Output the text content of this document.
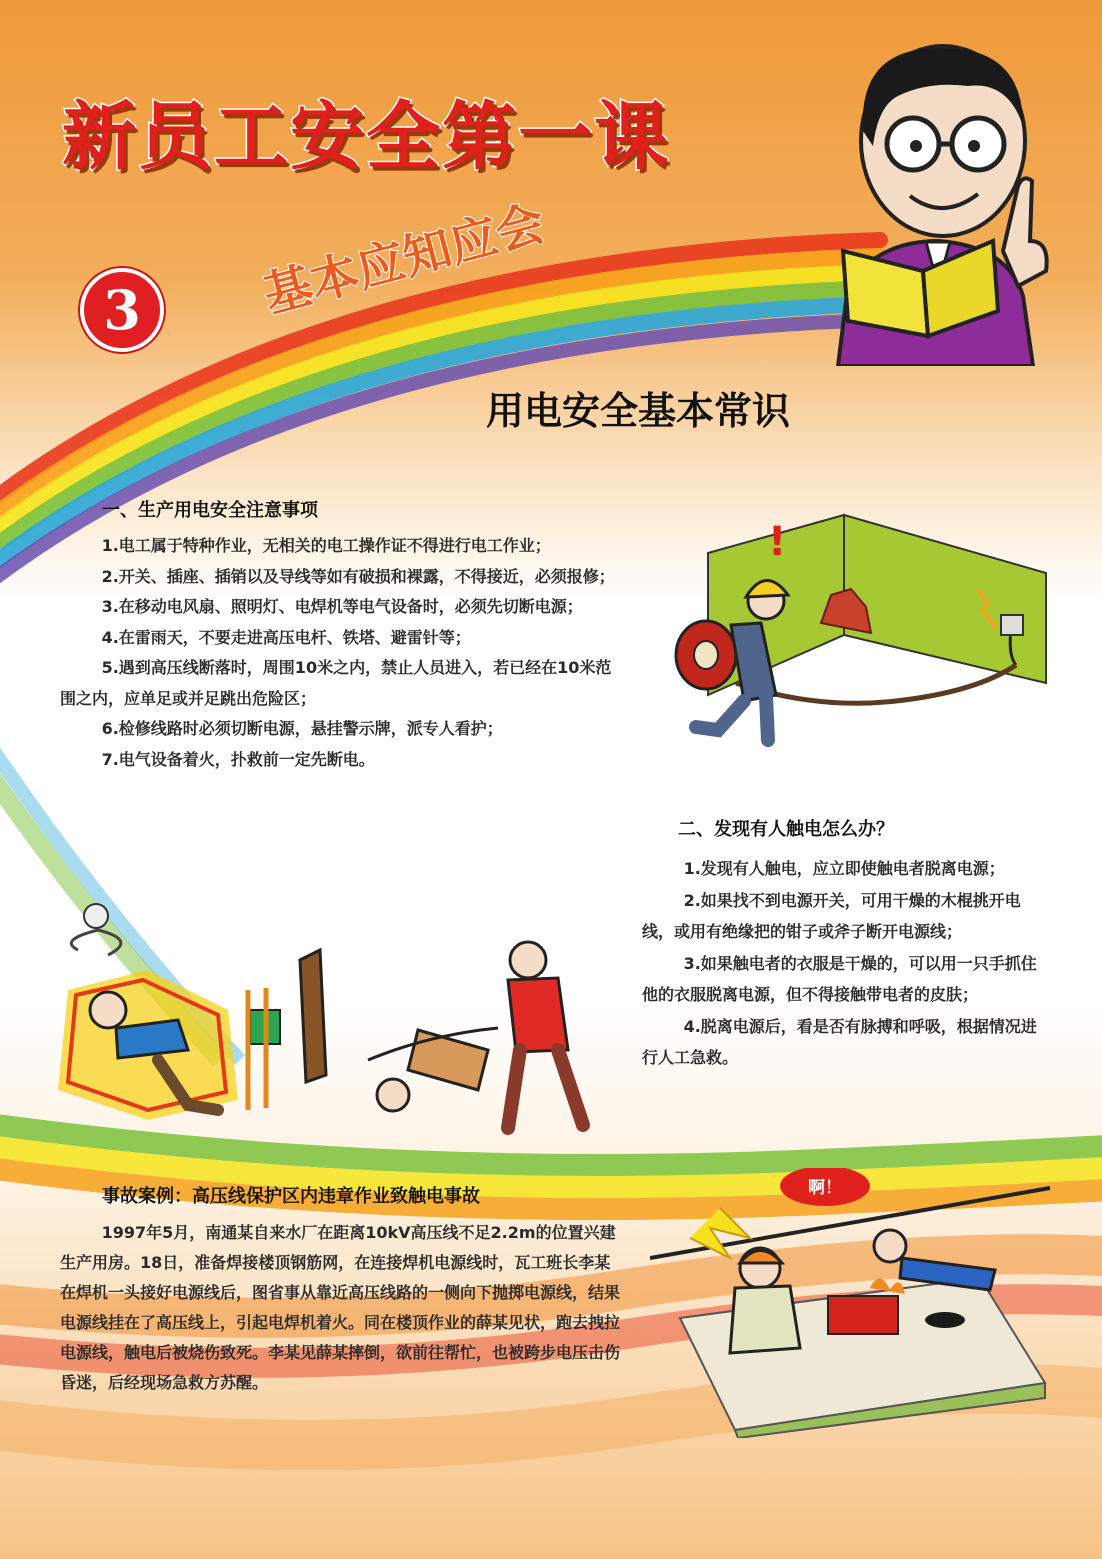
新员工安全第一课
3	基本应知应会
用电安全基本常识
一、生产用电安全注意事项

1.电工属于特种作业，无相关的电工操作证不得进行电工作业；

2.开关、插座、插销以及导线等如有破损和裸露，不得接近，必须报修；

3.在移动电风扇、照明灯、电焊机等电气设备时，必须先切断电源；

4.在雷雨天，不要走进高压电杆、铁塔、避雷针等；

5.遇到高压线断落时，周围10米之内，禁止人员进入，若已经在10米范围之内，应单足或并足跳出危险区；

6.检修线路时必须切断电源，悬挂警示牌，派专人看护；

7.电气设备着火，扑救前一定先断电。

!
二、发现有人触电怎么办？

1.发现有人触电，应立即使触电者脱离电源；

2.如果找不到电源开关，可用干燥的木棍挑开电线，或用有绝缘把的钳子或斧子断开电源线；

3.如果触电者的衣服是干燥的，可以用一只手抓住他的衣服脱离电源，但不得接触带电者的皮肤；

4.脱离电源后，看是否有脉搏和呼吸，根据情况进行人工急救。

事故案例：高压线保护区内违章作业致触电事故

1997年5月，南通某自来水厂在距离10kV高压线不足2.2m的位置兴建生产用房。18日，准备焊接楼顶钢筋网，在连接焊机电源线时，瓦工班长李某在焊机一头接好电源线后，图省事从靠近高压线路的一侧向下抛掷电源线，结果电源线挂在了高压线上，引起电焊机着火。同在楼顶作业的薛某见状，跑去拽拉电源线，触电后被烧伤致死。李某见薛某摔倒，欲前往帮忙，也被跨步电压击伤昏迷，后经现场急救方苏醒。

啊！
